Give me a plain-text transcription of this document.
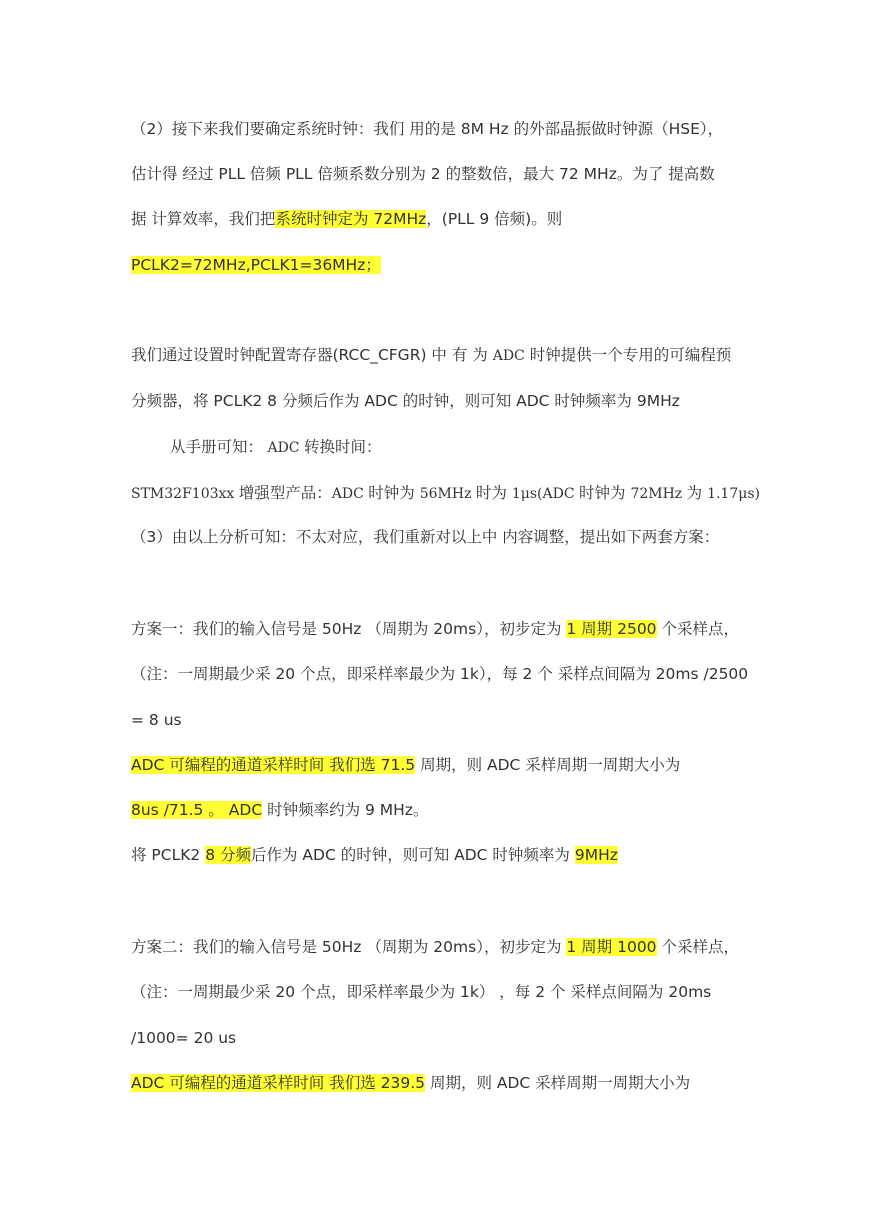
（2）接下来我们要确定系统时钟：我们 用的是 8M Hz 的外部晶振做时钟源（HSE），
估计得 经过 PLL 倍频 PLL 倍频系数分别为 2 的整数倍，最大 72 MHz。为了 提高数
据 计算效率，我们把系统时钟定为 72MHz，(PLL 9 倍频)。则
PCLK2=72MHz,PCLK1=36MHz；
我们通过设置时钟配置寄存器(RCC_CFGR) 中 有 为 ADC 时钟提供一个专用的可编程预
分频器，将 PCLK2 8 分频后作为 ADC 的时钟，则可知 ADC 时钟频率为 9MHz
从手册可知： ADC 转换时间：
STM32F103xx 增强型产品：ADC 时钟为 56MHz 时为 1μs(ADC 时钟为 72MHz 为 1.17μs)
（3）由以上分析可知：不太对应，我们重新对以上中 内容调整，提出如下两套方案：
方案一：我们的输入信号是 50Hz （周期为 20ms），初步定为 1 周期 2500 个采样点，
（注：一周期最少采 20 个点，即采样率最少为 1k），每 2 个 采样点间隔为 20ms /2500
= 8 us
ADC 可编程的通道采样时间 我们选 71.5 周期，则 ADC 采样周期一周期大小为
8us /71.5 。 ADC 时钟频率约为 9 MHz。
将 PCLK2 8 分频后作为 ADC 的时钟，则可知 ADC 时钟频率为 9MHz
方案二：我们的输入信号是 50Hz （周期为 20ms），初步定为 1 周期 1000 个采样点，
（注：一周期最少采 20 个点，即采样率最少为 1k） ，每 2 个 采样点间隔为 20ms
/1000= 20 us
ADC 可编程的通道采样时间 我们选 239.5 周期，则 ADC 采样周期一周期大小为
